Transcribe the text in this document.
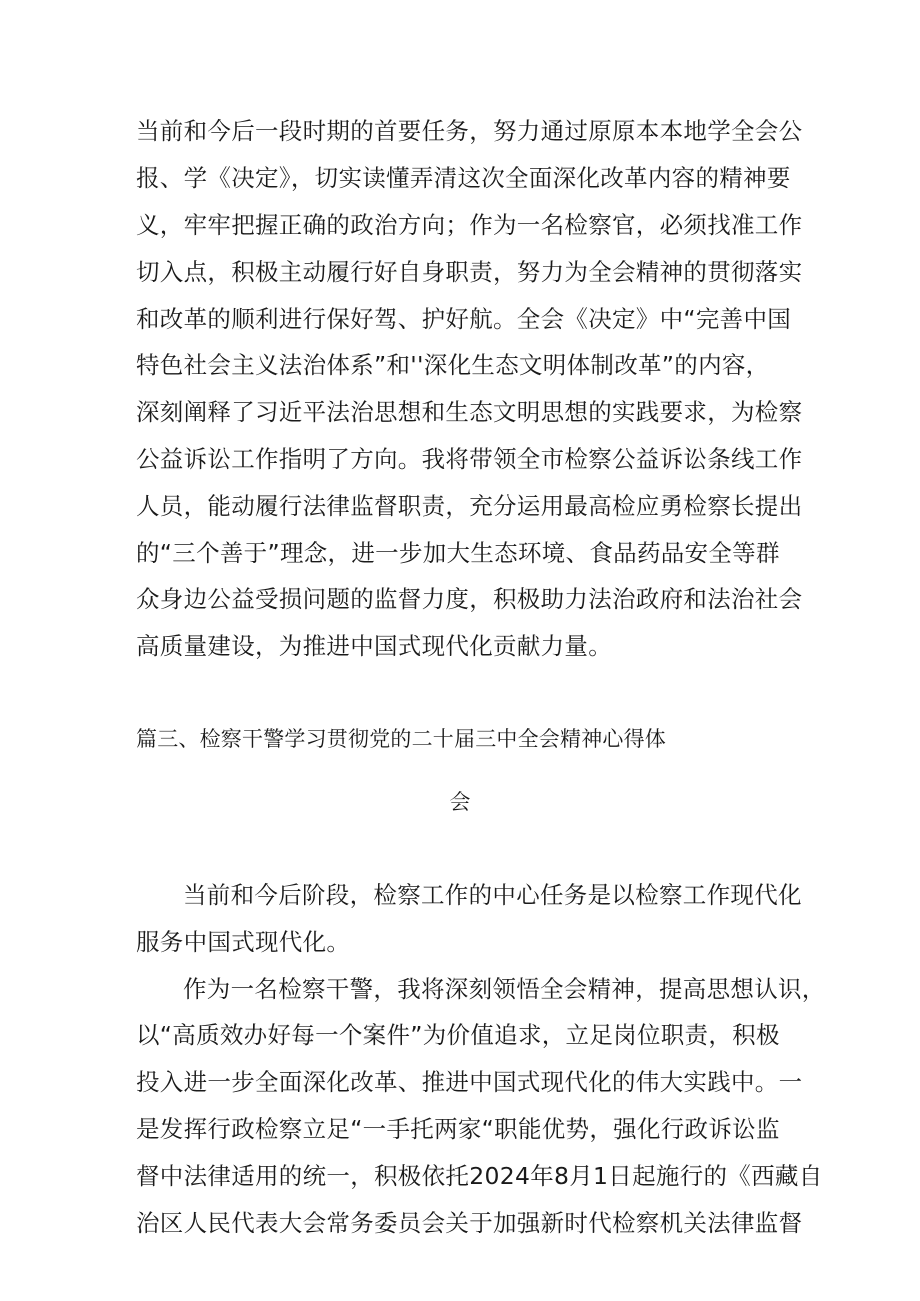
当前和今后一段时期的首要任务，努力通过原原本本地学全会公
报、学《决定》，切实读懂弄清这次全面深化改革内容的精神要
义，牢牢把握正确的政治方向；作为一名检察官，必须找准工作
切入点，积极主动履行好自身职责，努力为全会精神的贯彻落实
和改革的顺利进行保好驾、护好航。全会《决定》中“完善中国
特色社会主义法治体系”和''深化生态文明体制改革”的内容，
深刻阐释了习近平法治思想和生态文明思想的实践要求，为检察
公益诉讼工作指明了方向。我将带领全市检察公益诉讼条线工作
人员，能动履行法律监督职责，充分运用最高检应勇检察长提出
的“三个善于”理念，进一步加大生态环境、食品药品安全等群
众身边公益受损问题的监督力度，积极助力法治政府和法治社会
高质量建设，为推进中国式现代化贡献力量。
篇三、检察干警学习贯彻党的二十届三中全会精神心得体
会
当前和今后阶段，检察工作的中心任务是以检察工作现代化
服务中国式现代化。
作为一名检察干警，我将深刻领悟全会精神，提高思想认识，
以“高质效办好每一个案件”为价值追求，立足岗位职责，积极
投入进一步全面深化改革、推进中国式现代化的伟大实践中。一
是发挥行政检察立足“一手托两家“职能优势，强化行政诉讼监
督中法律适用的统一，积极依托2024年8月1日起施行的《西藏自
治区人民代表大会常务委员会关于加强新时代检察机关法律监督
